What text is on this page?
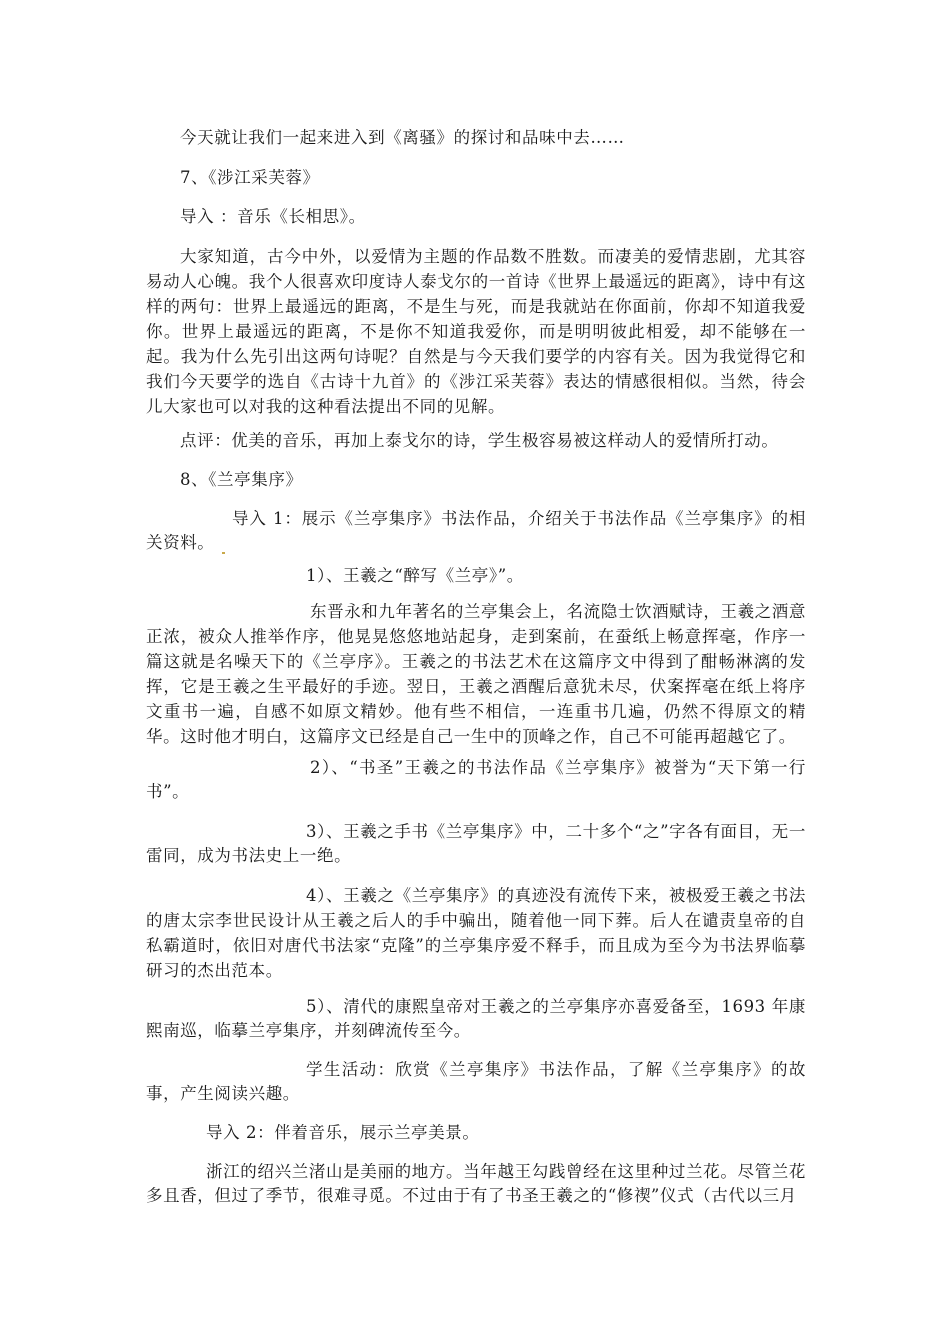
今天就让我们一起来进入到《离骚》的探讨和品味中去……

7、《涉江采芙蓉》

导入 ：音乐《长相思》。

大家知道，古今中外，以爱情为主题的作品数不胜数。而凄美的爱情悲剧，尤其容易动人心魄。我个人很喜欢印度诗人泰戈尔的一首诗《世界上最遥远的距离》，诗中有这样的两句：世界上最遥远的距离，不是生与死，而是我就站在你面前，你却不知道我爱你。世界上最遥远的距离，不是你不知道我爱你，而是明明彼此相爱，却不能够在一起。我为什么先引出这两句诗呢？自然是与今天我们要学的内容有关。因为我觉得它和我们今天要学的选自《古诗十九首》的《涉江采芙蓉》表达的情感很相似。当然，待会儿大家也可以对我的这种看法提出不同的见解。

点评：优美的音乐，再加上泰戈尔的诗，学生极容易被这样动人的爱情所打动。

8、《兰亭集序》

导入 1：展示《兰亭集序》书法作品，介绍关于书法作品《兰亭集序》的相关资料。

1）、王羲之“醉写《兰亭》”。

东晋永和九年著名的兰亭集会上，名流隐士饮酒赋诗，王羲之酒意正浓，被众人推举作序，他晃晃悠悠地站起身，走到案前，在蚕纸上畅意挥毫，作序一篇这就是名噪天下的《兰亭序》。王羲之的书法艺术在这篇序文中得到了酣畅淋漓的发挥，它是王羲之生平最好的手迹。翌日，王羲之酒醒后意犹未尽，伏案挥毫在纸上将序文重书一遍，自感不如原文精妙。他有些不相信，一连重书几遍，仍然不得原文的精华。这时他才明白，这篇序文已经是自己一生中的顶峰之作，自己不可能再超越它了。

2）、“书圣”王羲之的书法作品《兰亭集序》被誉为“天下第一行书”。

3）、王羲之手书《兰亭集序》中，二十多个“之”字各有面目，无一雷同，成为书法史上一绝。

4）、王羲之《兰亭集序》的真迹没有流传下来，被极爱王羲之书法的唐太宗李世民设计从王羲之后人的手中骗出，随着他一同下葬。后人在谴责皇帝的自私霸道时，依旧对唐代书法家“克隆”的兰亭集序爱不释手，而且成为至今为书法界临摹研习的杰出范本。

5）、清代的康熙皇帝对王羲之的兰亭集序亦喜爱备至，1693 年康熙南巡，临摹兰亭集序，并刻碑流传至今。

学生活动：欣赏《兰亭集序》书法作品，了解《兰亭集序》的故事，产生阅读兴趣。

导入 2：伴着音乐，展示兰亭美景。

浙江的绍兴兰渚山是美丽的地方。当年越王勾践曾经在这里种过兰花。尽管兰花多且香，但过了季节，很难寻觅。不过由于有了书圣王羲之的“修禊”仪式（古代以三月
